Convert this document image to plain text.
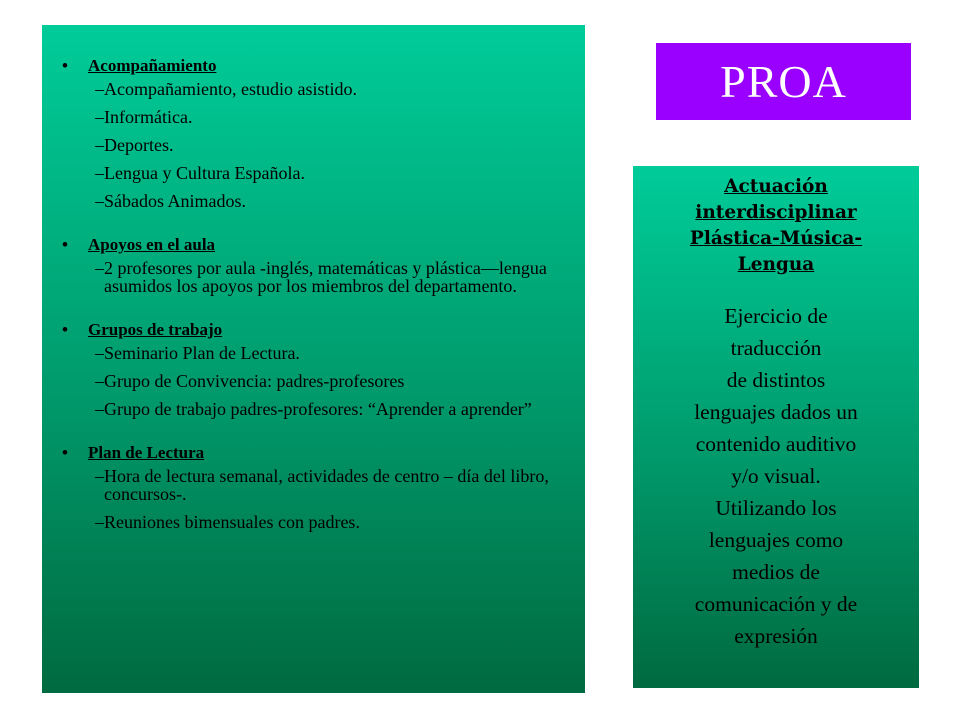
•	Acompañamiento
– Acompañamiento, estudio asistido.
– Informática.
– Deportes.
– Lengua y Cultura Española.
– Sábados Animados.
•	Apoyos en el aula
– 2 profesores por aula -inglés, matemáticas y plástica—lengua asumidos los apoyos por los miembros del departamento.
•	Grupos de trabajo
– Seminario Plan de Lectura.
– Grupo de Convivencia: padres-profesores
– Grupo de trabajo padres-profesores: “Aprender a aprender”
•	Plan de Lectura
– Hora de lectura semanal, actividades de centro – día del libro, concursos-.
– Reuniones bimensuales con padres.
PROA
Actuación
interdisciplinar
Plástica-Música-
Lengua
Ejercicio de
traducción
de distintos
lenguajes dados un
contenido auditivo
y/o visual.
Utilizando los
lenguajes como
medios de
comunicación y de
expresión
